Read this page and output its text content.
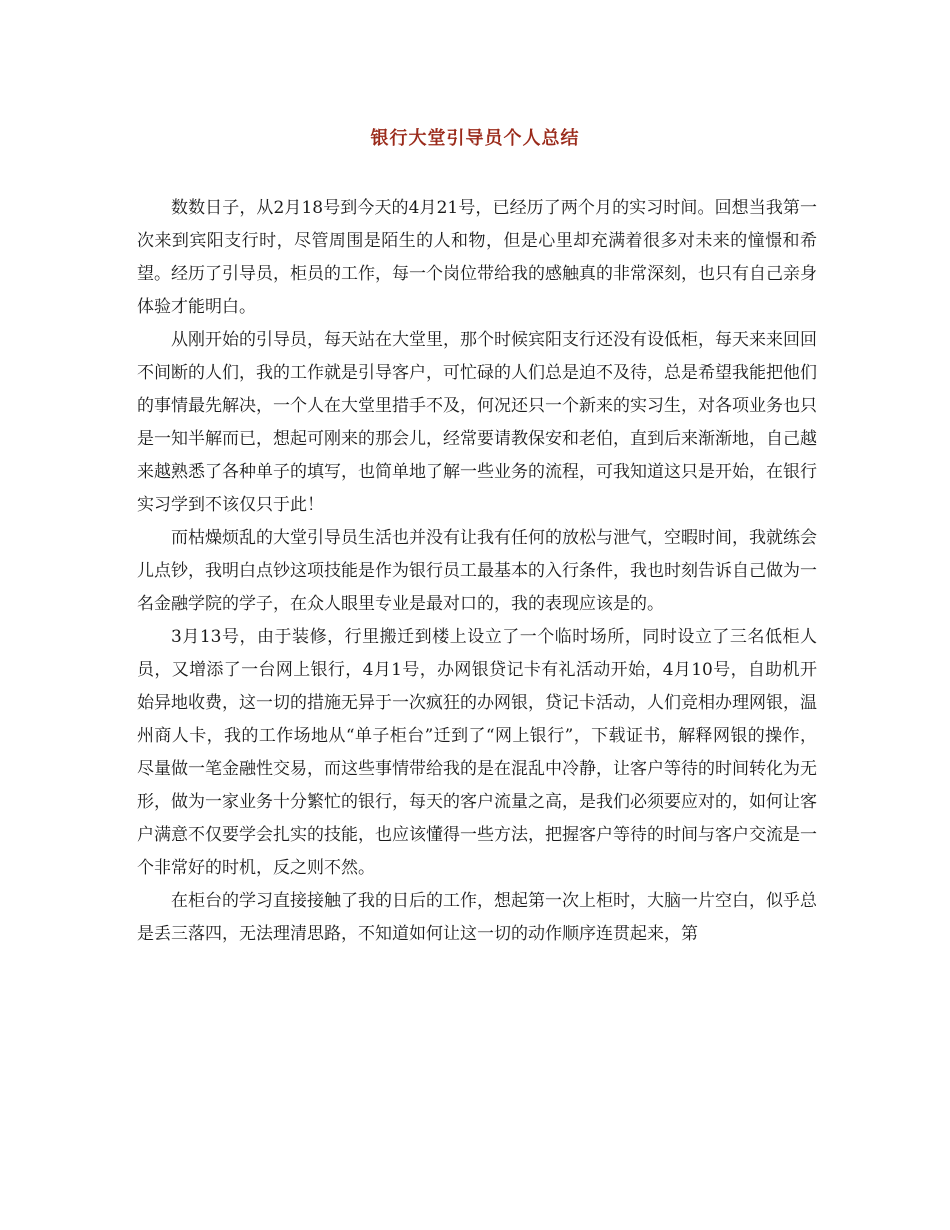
银行大堂引导员个人总结

数数日子，从2月18号到今天的4月21号，已经历了两个月的实习时间。回想当我第一次来到宾阳支行时，尽管周围是陌生的人和物，但是心里却充满着很多对未来的憧憬和希望。经历了引导员，柜员的工作，每一个岗位带给我的感触真的非常深刻，也只有自己亲身体验才能明白。

从刚开始的引导员，每天站在大堂里，那个时候宾阳支行还没有设低柜，每天来来回回不间断的人们，我的工作就是引导客户，可忙碌的人们总是迫不及待，总是希望我能把他们的事情最先解决，一个人在大堂里措手不及，何况还只一个新来的实习生，对各项业务也只是一知半解而已，想起可刚来的那会儿，经常要请教保安和老伯，直到后来渐渐地，自己越来越熟悉了各种单子的填写，也简单地了解一些业务的流程，可我知道这只是开始，在银行实习学到不该仅只于此！

而枯燥烦乱的大堂引导员生活也并没有让我有任何的放松与泄气，空暇时间，我就练会儿点钞，我明白点钞这项技能是作为银行员工最基本的入行条件，我也时刻告诉自己做为一名金融学院的学子，在众人眼里专业是最对口的，我的表现应该是的。

3月13号，由于装修，行里搬迁到楼上设立了一个临时场所，同时设立了三名低柜人员，又增添了一台网上银行，4月1号，办网银贷记卡有礼活动开始，4月10号，自助机开始异地收费，这一切的措施无异于一次疯狂的办网银，贷记卡活动，人们竞相办理网银，温州商人卡，我的工作场地从“单子柜台”迁到了“网上银行”，下载证书，解释网银的操作，尽量做一笔金融性交易，而这些事情带给我的是在混乱中冷静，让客户等待的时间转化为无形，做为一家业务十分繁忙的银行，每天的客户流量之高，是我们必须要应对的，如何让客户满意不仅要学会扎实的技能，也应该懂得一些方法，把握客户等待的时间与客户交流是一个非常好的时机，反之则不然。

在柜台的学习直接接触了我的日后的工作，想起第一次上柜时，大脑一片空白，似乎总是丢三落四，无法理清思路，不知道如何让这一切的动作顺序连贯起来，第
